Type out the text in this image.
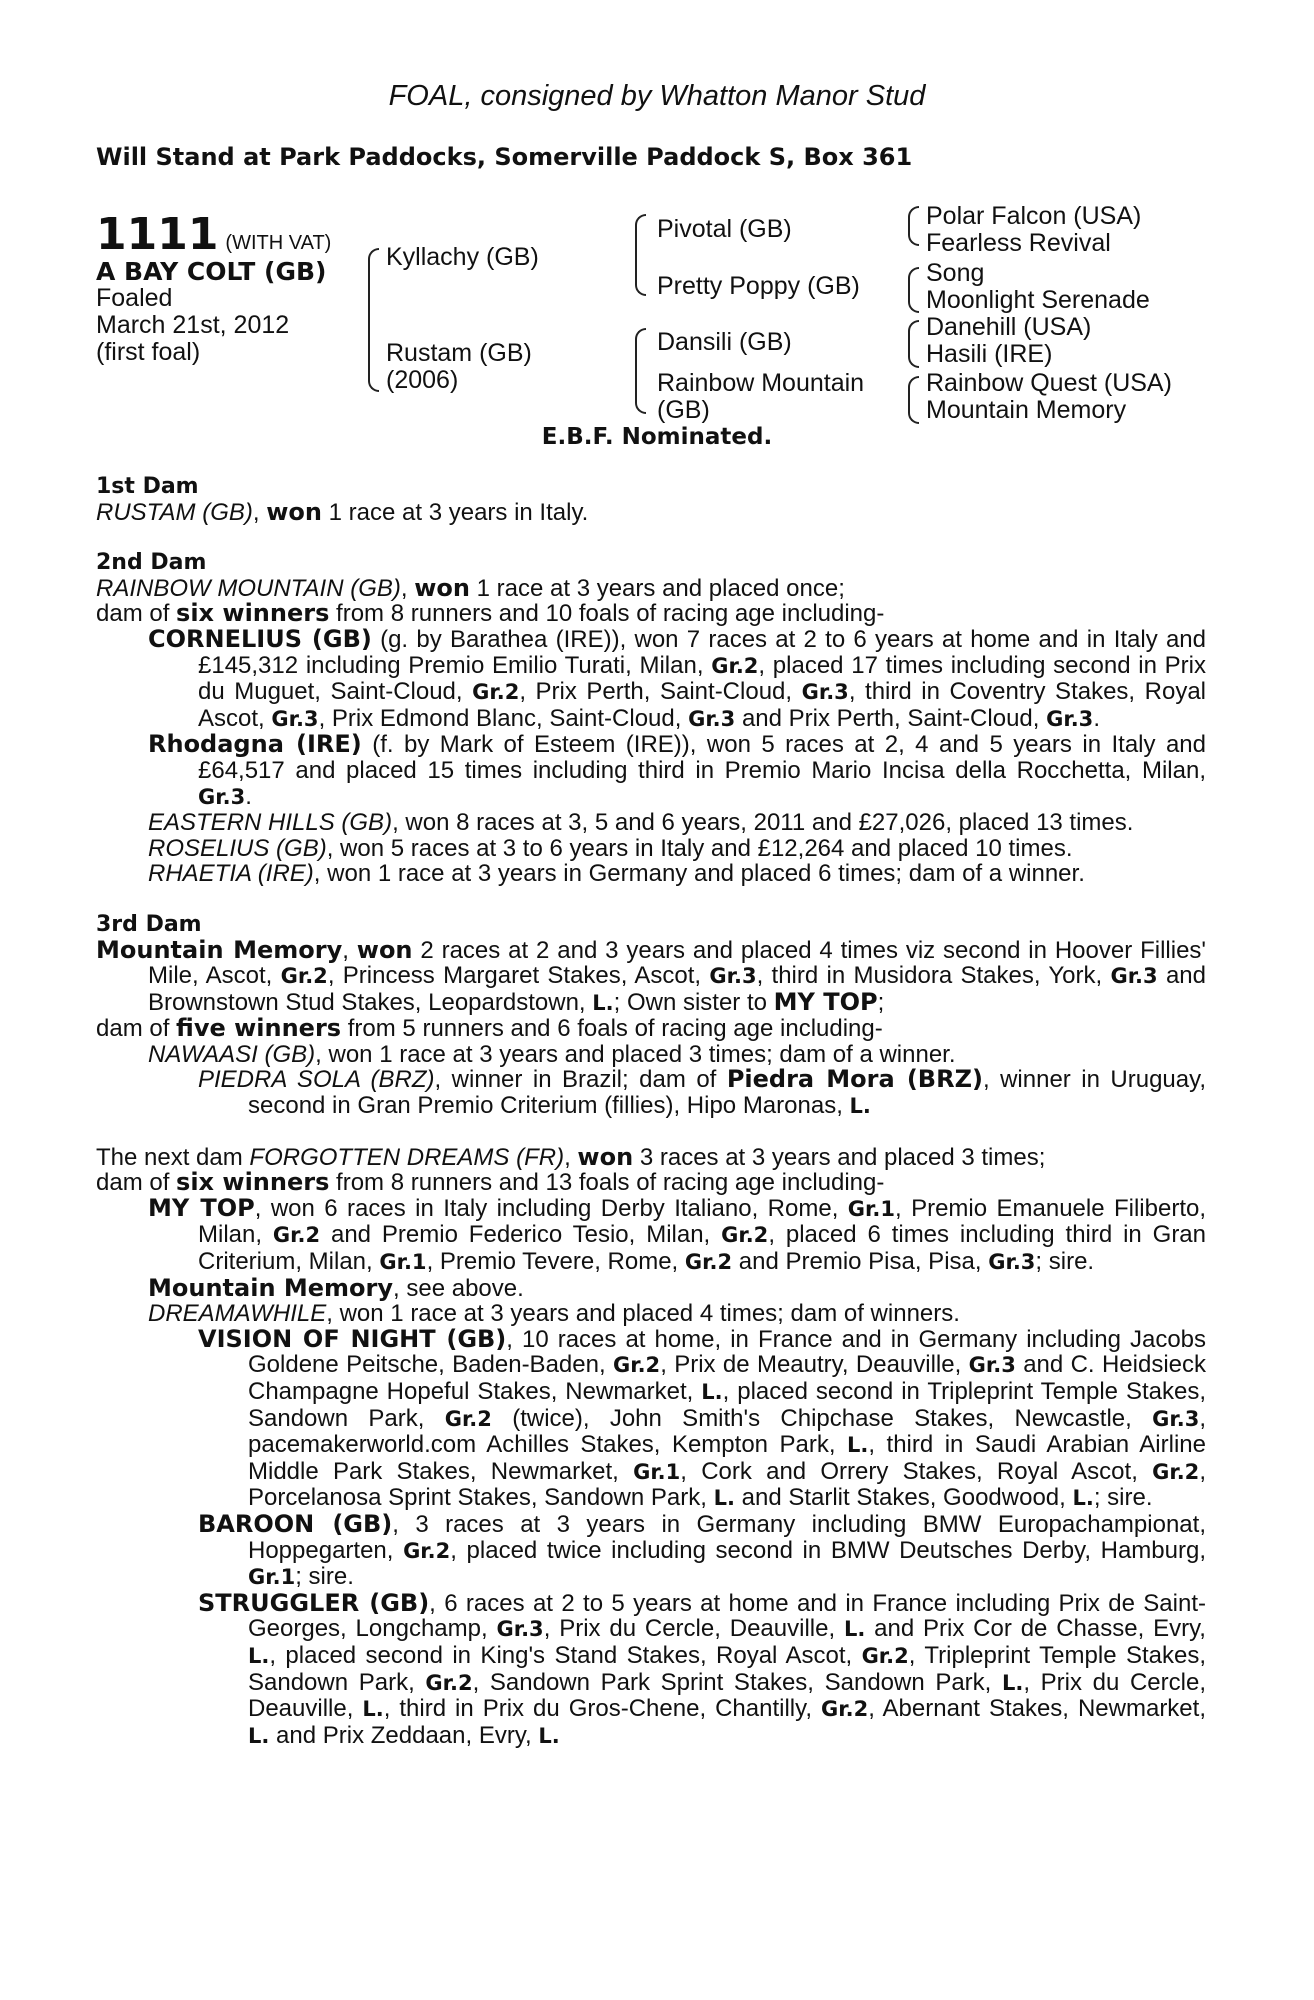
FOAL, consigned by Whatton Manor Stud
Will Stand at Park Paddocks, Somerville Paddock S, Box 361
1111 (WITH VAT)
A BAY COLT (GB)
Foaled
March 21st, 2012
(first foal)
Kyllachy (GB)
Rustam (GB)
(2006)
Pivotal (GB)
Pretty Poppy (GB)
Dansili (GB)
Rainbow Mountain
(GB)
Polar Falcon (USA)
Fearless Revival
Song
Moonlight Serenade
Danehill (USA)
Hasili (IRE)
Rainbow Quest (USA)
Mountain Memory
E.B.F. Nominated.
1st Dam
RUSTAM (GB), won 1 race at 3 years in Italy.
2nd Dam
RAINBOW MOUNTAIN (GB), won 1 race at 3 years and placed once;
dam of six winners from 8 runners and 10 foals of racing age including-
CORNELIUS (GB) (g. by Barathea (IRE)), won 7 races at 2 to 6 years at home and in Italy and £145,312 including Premio Emilio Turati, Milan, Gr.2, placed 17 times including second in Prix du Muguet, Saint-Cloud, Gr.2, Prix Perth, Saint-Cloud, Gr.3, third in Coventry Stakes, Royal Ascot, Gr.3, Prix Edmond Blanc, Saint-Cloud, Gr.3 and Prix Perth, Saint-Cloud, Gr.3.
Rhodagna (IRE) (f. by Mark of Esteem (IRE)), won 5 races at 2, 4 and 5 years in Italy and £64,517 and placed 15 times including third in Premio Mario Incisa della Rocchetta, Milan, Gr.3.
EASTERN HILLS (GB), won 8 races at 3, 5 and 6 years, 2011 and £27,026, placed 13 times.
ROSELIUS (GB), won 5 races at 3 to 6 years in Italy and £12,264 and placed 10 times.
RHAETIA (IRE), won 1 race at 3 years in Germany and placed 6 times; dam of a winner.
3rd Dam
Mountain Memory, won 2 races at 2 and 3 years and placed 4 times viz second in Hoover Fillies' Mile, Ascot, Gr.2, Princess Margaret Stakes, Ascot, Gr.3, third in Musidora Stakes, York, Gr.3 and Brownstown Stud Stakes, Leopardstown, L.; Own sister to MY TOP;
dam of five winners from 5 runners and 6 foals of racing age including-
NAWAASI (GB), won 1 race at 3 years and placed 3 times; dam of a winner.
PIEDRA SOLA (BRZ), winner in Brazil; dam of Piedra Mora (BRZ), winner in Uruguay, second in Gran Premio Criterium (fillies), Hipo Maronas, L.
The next dam FORGOTTEN DREAMS (FR), won 3 races at 3 years and placed 3 times;
dam of six winners from 8 runners and 13 foals of racing age including-
MY TOP, won 6 races in Italy including Derby Italiano, Rome, Gr.1, Premio Emanuele Filiberto, Milan, Gr.2 and Premio Federico Tesio, Milan, Gr.2, placed 6 times including third in Gran Criterium, Milan, Gr.1, Premio Tevere, Rome, Gr.2 and Premio Pisa, Pisa, Gr.3; sire.
Mountain Memory, see above.
DREAMAWHILE, won 1 race at 3 years and placed 4 times; dam of winners.
VISION OF NIGHT (GB), 10 races at home, in France and in Germany including Jacobs Goldene Peitsche, Baden-Baden, Gr.2, Prix de Meautry, Deauville, Gr.3 and C. Heidsieck Champagne Hopeful Stakes, Newmarket, L., placed second in Tripleprint Temple Stakes, Sandown Park, Gr.2 (twice), John Smith's Chipchase Stakes, Newcastle, Gr.3, pacemakerworld.com Achilles Stakes, Kempton Park, L., third in Saudi Arabian Airline Middle Park Stakes, Newmarket, Gr.1, Cork and Orrery Stakes, Royal Ascot, Gr.2, Porcelanosa Sprint Stakes, Sandown Park, L. and Starlit Stakes, Goodwood, L.; sire.
BAROON (GB), 3 races at 3 years in Germany including BMW Europachampionat, Hoppegarten, Gr.2, placed twice including second in BMW Deutsches Derby, Hamburg, Gr.1; sire.
STRUGGLER (GB), 6 races at 2 to 5 years at home and in France including Prix de Saint-Georges, Longchamp, Gr.3, Prix du Cercle, Deauville, L. and Prix Cor de Chasse, Evry, L., placed second in King's Stand Stakes, Royal Ascot, Gr.2, Tripleprint Temple Stakes, Sandown Park, Gr.2, Sandown Park Sprint Stakes, Sandown Park, L., Prix du Cercle, Deauville, L., third in Prix du Gros-Chene, Chantilly, Gr.2, Abernant Stakes, Newmarket, L. and Prix Zeddaan, Evry, L.
